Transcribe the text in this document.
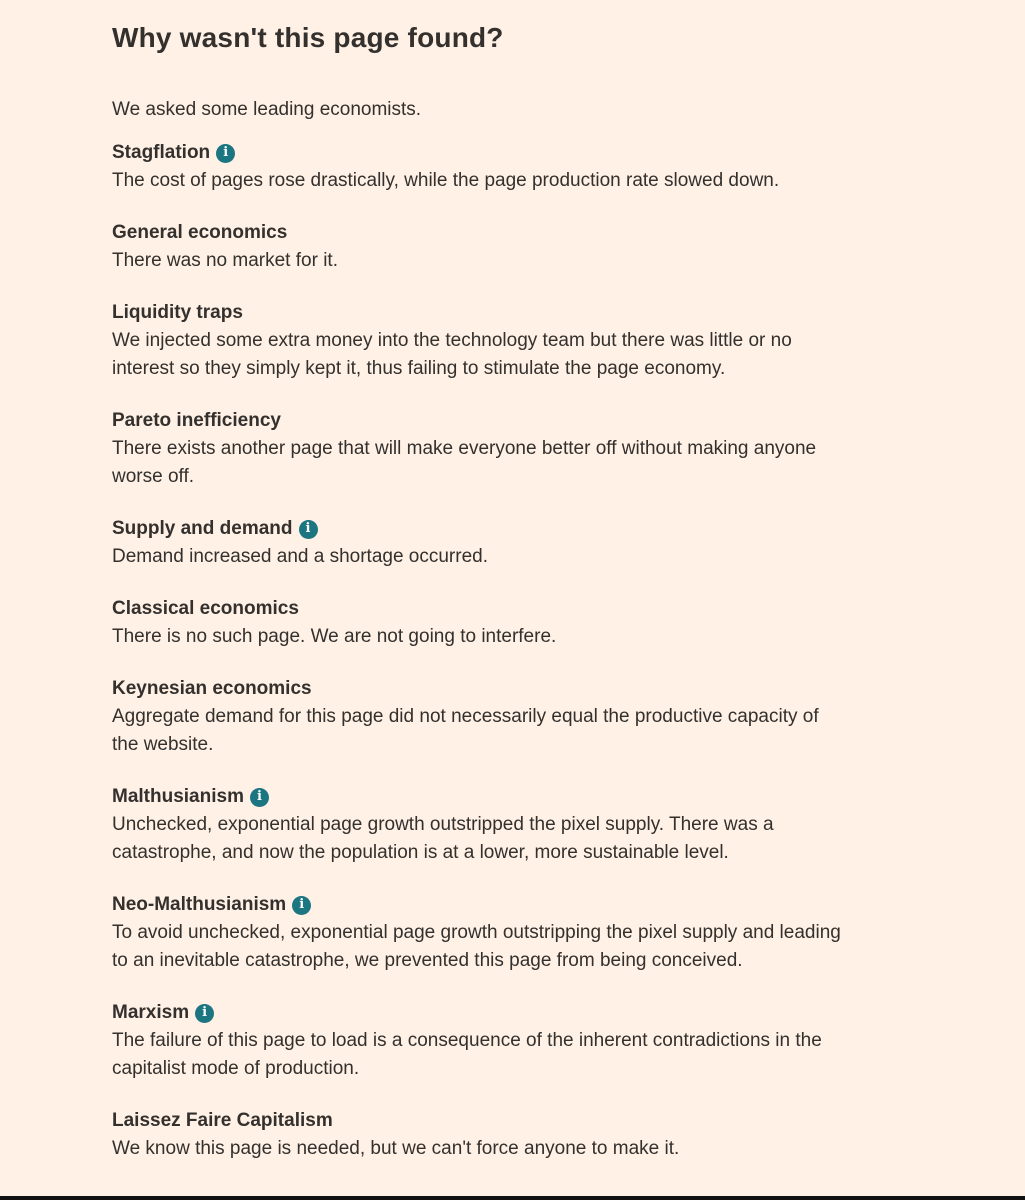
Why wasn't this page found?

We asked some leading economists.

Stagflation	i

The cost of pages rose drastically, while the page production rate slowed down.

General economics

There was no market for it.

Liquidity traps

We injected some extra money into the technology team but there was little or no interest so they simply kept it, thus failing to stimulate the page economy.

Pareto inefficiency

There exists another page that will make everyone better off without making anyone worse off.

Supply and demand	i

Demand increased and a shortage occurred.

Classical economics

There is no such page. We are not going to interfere.

Keynesian economics

Aggregate demand for this page did not necessarily equal the productive capacity of the website.

Malthusianism	i

Unchecked, exponential page growth outstripped the pixel supply. There was a catastrophe, and now the population is at a lower, more sustainable level.

Neo-Malthusianism	i

To avoid unchecked, exponential page growth outstripping the pixel supply and leading to an inevitable catastrophe, we prevented this page from being conceived.

Marxism	i

The failure of this page to load is a consequence of the inherent contradictions in the capitalist mode of production.

Laissez Faire Capitalism

We know this page is needed, but we can't force anyone to make it.
